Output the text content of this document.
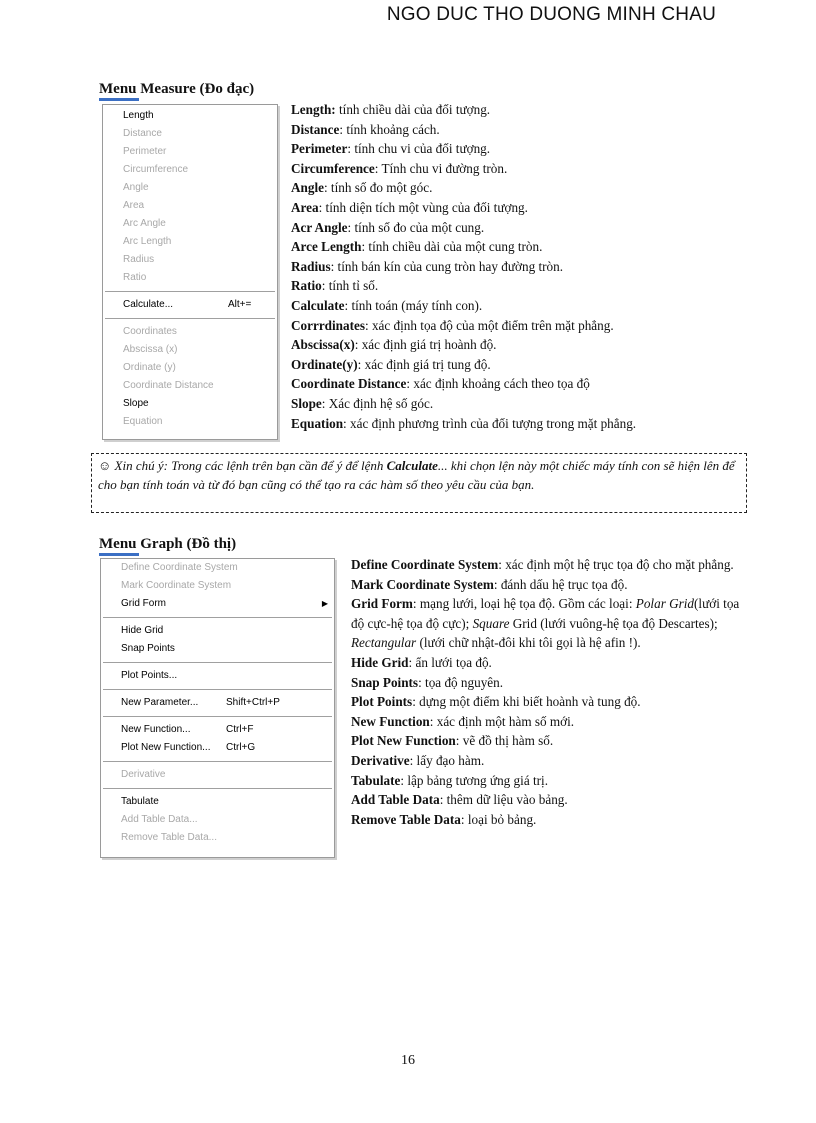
NGO DUC THO DUONG MINH CHAU
Menu Measure (Đo đạc)
Length
Distance
Perimeter
Circumference
Angle
Area
Arc Angle
Arc Length
Radius
Ratio
Calculate...	Alt+=
Coordinates
Abscissa (x)
Ordinate (y)
Coordinate Distance
Slope
Equation
Length: tính chiều dài của đối tượng.
Distance: tính khoảng cách.
Perimeter: tính chu vi của đối tượng.
Circumference: Tính chu vi đường tròn.
Angle: tính số đo một góc.
Area: tính diện tích một vùng của đối tượng.
Acr Angle: tính số đo của một cung.
Arce Length: tính chiều dài của một cung tròn.
Radius: tính bán kín của cung tròn hay đường tròn.
Ratio: tính tỉ số.
Calculate: tính toán (máy tính con).
Corrrdinates: xác định tọa độ của một điểm trên mặt phẳng.
Abscissa(x): xác định giá trị hoành độ.
Ordinate(y): xác định giá trị tung độ.
Coordinate Distance: xác định khoảng cách theo tọa độ
Slope: Xác định hệ số góc.
Equation: xác định phương trình của đối tượng trong mặt phẳng.
☺ Xin chú ý: Trong các lệnh trên bạn cần để ý để lệnh Calculate... khi chọn lện này một chiếc máy tính con sẽ hiện lên để cho bạn tính toán và từ đó bạn cũng có thể tạo ra các hàm số theo yêu cầu của bạn.
Menu Graph (Đồ thị)
Define Coordinate System
Mark Coordinate System
Grid Form	▶
Hide Grid
Snap Points
Plot Points...
New Parameter...	Shift+Ctrl+P
New Function...	Ctrl+F
Plot New Function... Ctrl+G
Derivative
Tabulate
Add Table Data...
Remove Table Data...
Define Coordinate System: xác định một hệ trục tọa độ cho mặt phẳng.
Mark Coordinate System: đánh dấu hệ trục tọa độ.
Grid Form: mạng lưới, loại hệ tọa độ. Gồm các loại: Polar Grid(lưới tọa độ cực-hệ tọa độ cực); Square Grid (lưới vuông-hệ tọa độ Descartes); Rectangular (lưới chữ nhật-đôi khi tôi gọi là hệ afin !).
Hide Grid: ẩn lưới tọa độ.
Snap Points: tọa độ nguyên.
Plot Points: dựng một điểm khi biết hoành và tung độ.
New Function: xác định một hàm số mới.
Plot New Function: vẽ đồ thị hàm số.
Derivative: lấy đạo hàm.
Tabulate: lập bảng tương ứng giá trị.
Add Table Data: thêm dữ liệu vào bảng.
Remove Table Data: loại bỏ bảng.
16
